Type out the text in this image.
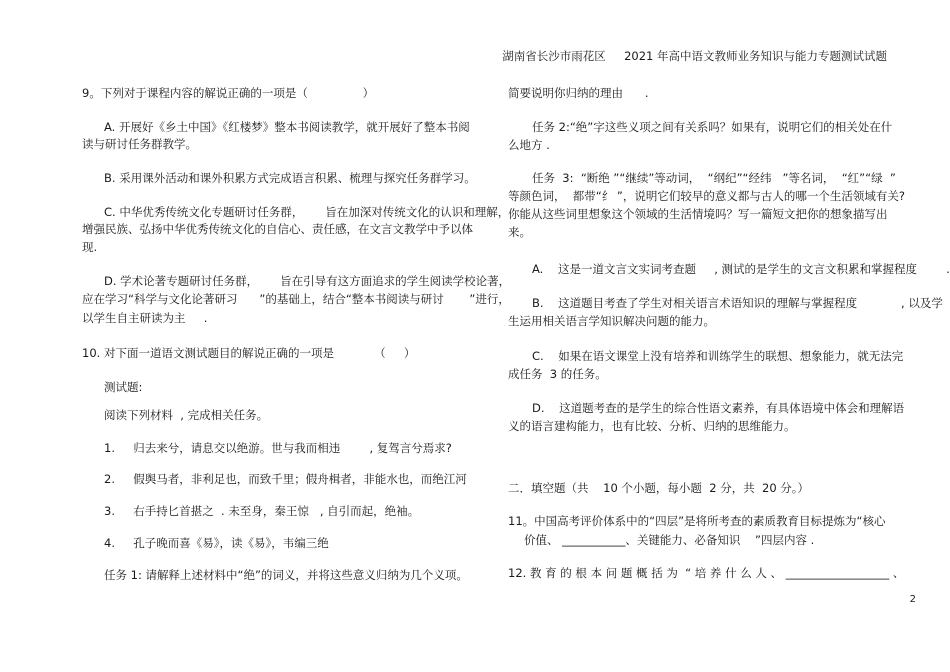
湖南省长沙市雨花区     2021 年高中语文教师业务知识与能力专题测试试题
9。下列对于课程内容的解说正确的一项是（               ）
A. 开展好《乡土中国》《红楼梦》整本书阅读教学，就开展好了整本书阅
读与研讨任务群教学。
B. 采用课外活动和课外积累方式完成语言积累、梳理与探究任务群学习。
C. 中华优秀传统文化专题研讨任务群，      旨在加深对传统文化的认识和理解，
增强民族、弘扬中华优秀传统文化的自信心、责任感，在文言文教学中予以体
现.
D. 学术论著专题研讨任务群，      旨在引导有这方面追求的学生阅读学校论著，
应在学习“科学与文化论著研习      ”的基础上，结合“整本书阅读与研讨       ”进行，
以学生自主研读为主     .
10. 对下面一道语文测试题目的解说正确的一项是           （     ）
测试题:
阅读下列材料  , 完成相关任务。
1.     归去来兮，请息交以绝游。世与我而相违        , 复驾言兮焉求?
2.     假舆马者，非利足也，而致千里；假舟楫者，非能水也，而绝江河
3.     右手持匕首揕之  . 未至身，秦王惊   , 自引而起，绝袖。
4.     孔子晚而喜《易》，读《易》，韦编三绝
任务 1: 请解释上述材料中“绝”的词义，并将这些意义归纳为几个义项。
简要说明你归纳的理由      .
任务 2:“绝”字这些义项之间有关系吗？如果有，说明它们的相关处在什
么地方 .
任务  3:  “断绝 ”“继续”等动词，  “纲纪”“经纬   ”等名词，  “红”“绿  ”
等颜色词，  都带“纟 ”，说明它们较早的意义都与古人的哪一个生活领域有关?
你能从这些词里想象这个领域的生活情境吗？写一篇短文把你的想象描写出
来。
A.    这是一道文言文实词考查题     , 测试的是学生的文言文积累和掌握程度        .
B.    这道题目考查了学生对相关语言术语知识的理解与掌握程度            , 以及学
生运用相关语言学知识解决问题的能力。
C.    如果在语文课堂上没有培养和训练学生的联想、想象能力，就无法完
成任务  3 的任务。
D.    这道题考查的是学生的综合性语文素养，有具体语境中体会和理解语
义的语言建构能力，也有比较、分析、归纳的思维能力。
二．填空题（共    10 个小题，每小题  2 分，共  20 分。）
11。中国高考评价体系中的“四层”是将所考查的素质教育目标提炼为“核心
价值、 ___________、关键能力、必备知识    ”四层内容 .
12. 教 育 的 根 本 问 题 概 括 为  “ 培 养 什 么 人 、 __________________ 、
2
